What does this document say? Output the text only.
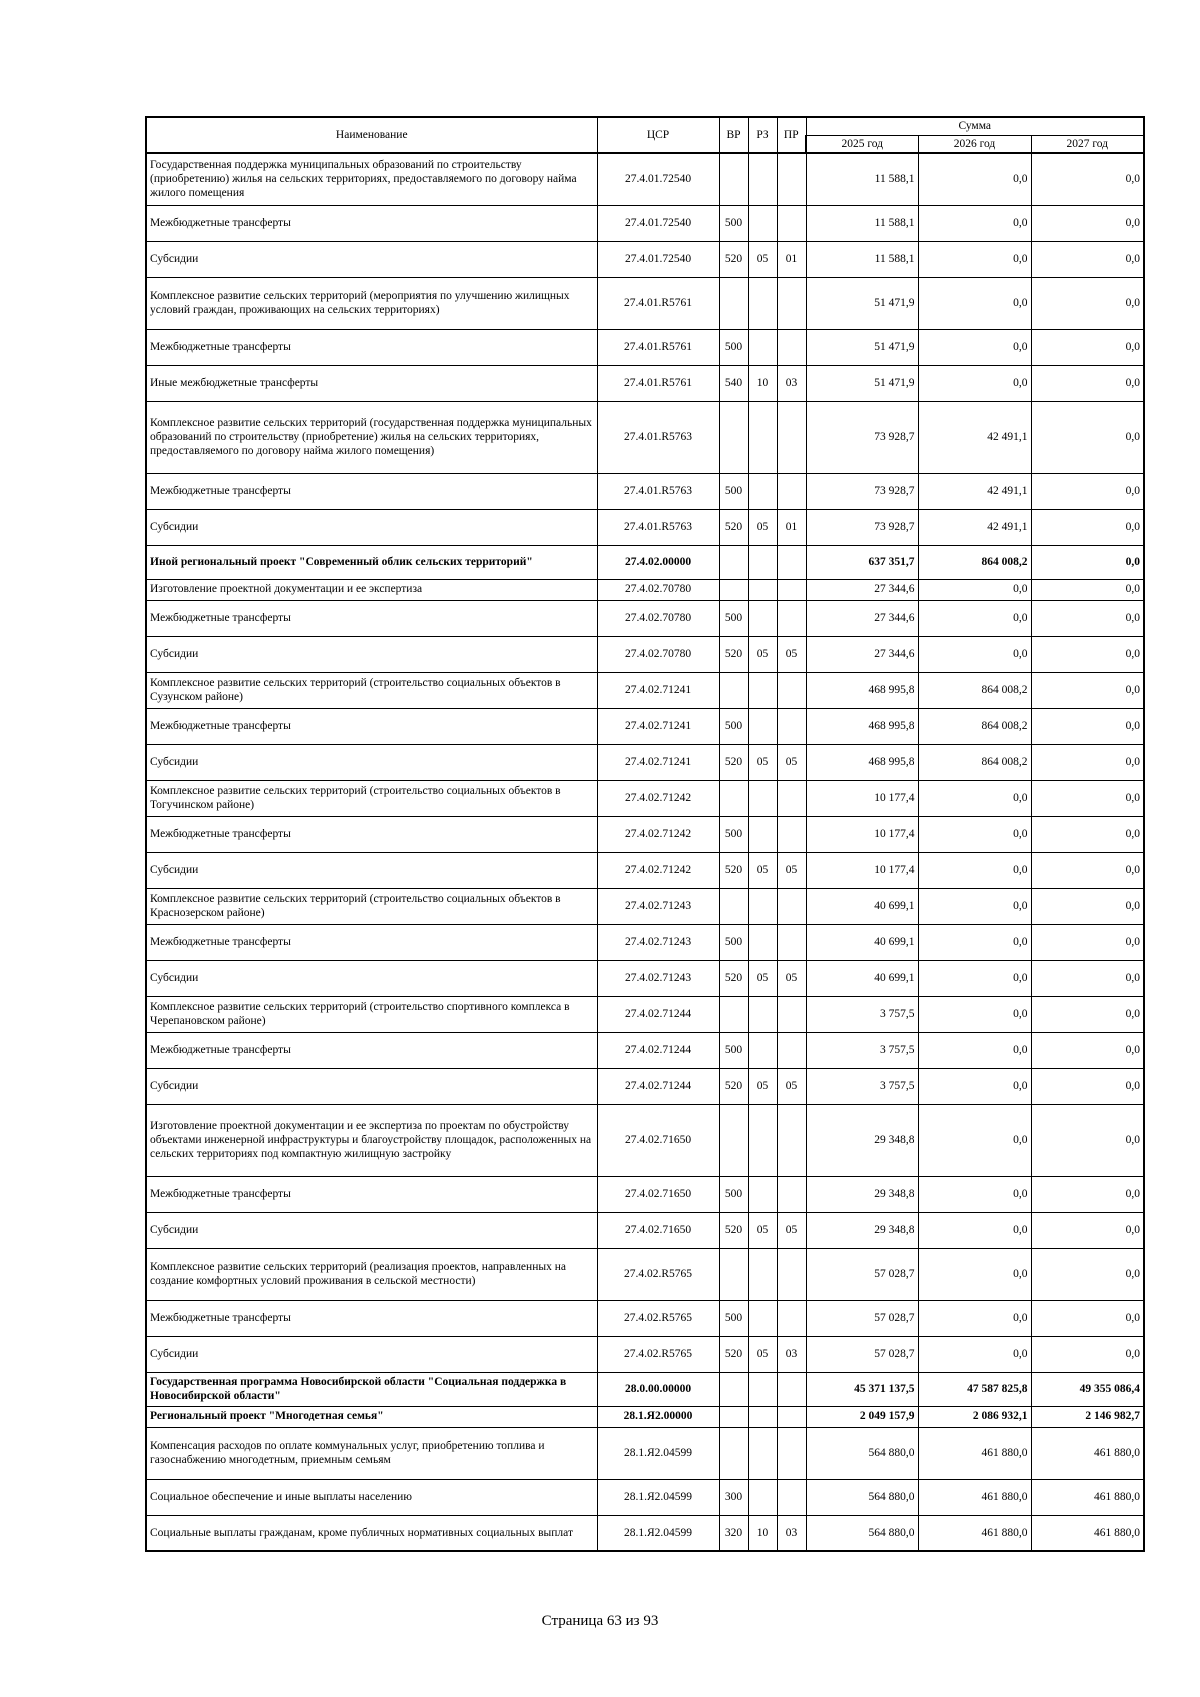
Наименование	ЦСР	ВР	РЗ	ПР	Сумма		
					2025 год	2026 год	2027 год
Государственная поддержка муниципальных образований по строительству (приобретению) жилья на сельских территориях, предоставляемого по договору найма жилого помещения	27.4.01.72540				11 588,1	0,0	0,0
Межбюджетные трансферты	27.4.01.72540	500			11 588,1	0,0	0,0
Субсидии	27.4.01.72540	520	05	01	11 588,1	0,0	0,0
Комплексное развитие сельских территорий (мероприятия по улучшению жилищных условий граждан, проживающих на сельских территориях)	27.4.01.R5761				51 471,9	0,0	0,0
Межбюджетные трансферты	27.4.01.R5761	500			51 471,9	0,0	0,0
Иные межбюджетные трансферты	27.4.01.R5761	540	10	03	51 471,9	0,0	0,0
Комплексное развитие сельских территорий (государственная поддержка муниципальных образований по строительству (приобретение) жилья на сельских территориях, предоставляемого по договору найма жилого помещения)	27.4.01.R5763				73 928,7	42 491,1	0,0
Межбюджетные трансферты	27.4.01.R5763	500			73 928,7	42 491,1	0,0
Субсидии	27.4.01.R5763	520	05	01	73 928,7	42 491,1	0,0
Иной региональный проект "Современный облик сельских территорий"	27.4.02.00000				637 351,7	864 008,2	0,0
Изготовление проектной документации и ее экспертиза	27.4.02.70780				27 344,6	0,0	0,0
Межбюджетные трансферты	27.4.02.70780	500			27 344,6	0,0	0,0
Субсидии	27.4.02.70780	520	05	05	27 344,6	0,0	0,0
Комплексное развитие сельских территорий (строительство социальных объектов в Сузунском районе)	27.4.02.71241				468 995,8	864 008,2	0,0
Межбюджетные трансферты	27.4.02.71241	500			468 995,8	864 008,2	0,0
Субсидии	27.4.02.71241	520	05	05	468 995,8	864 008,2	0,0
Комплексное развитие сельских территорий (строительство социальных объектов в Тогучинском районе)	27.4.02.71242				10 177,4	0,0	0,0
Межбюджетные трансферты	27.4.02.71242	500			10 177,4	0,0	0,0
Субсидии	27.4.02.71242	520	05	05	10 177,4	0,0	0,0
Комплексное развитие сельских территорий (строительство социальных объектов в Краснозерском районе)	27.4.02.71243				40 699,1	0,0	0,0
Межбюджетные трансферты	27.4.02.71243	500			40 699,1	0,0	0,0
Субсидии	27.4.02.71243	520	05	05	40 699,1	0,0	0,0
Комплексное развитие сельских территорий (строительство спортивного комплекса в Черепановском районе)	27.4.02.71244				3 757,5	0,0	0,0
Межбюджетные трансферты	27.4.02.71244	500			3 757,5	0,0	0,0
Субсидии	27.4.02.71244	520	05	05	3 757,5	0,0	0,0
Изготовление проектной документации и ее экспертиза по проектам по обустройству объектами инженерной инфраструктуры и благоустройству площадок, расположенных на сельских территориях под компактную жилищную застройку	27.4.02.71650				29 348,8	0,0	0,0
Межбюджетные трансферты	27.4.02.71650	500			29 348,8	0,0	0,0
Субсидии	27.4.02.71650	520	05	05	29 348,8	0,0	0,0
Комплексное развитие сельских территорий (реализация проектов, направленных на создание комфортных условий проживания в сельской местности)	27.4.02.R5765				57 028,7	0,0	0,0
Межбюджетные трансферты	27.4.02.R5765	500			57 028,7	0,0	0,0
Субсидии	27.4.02.R5765	520	05	03	57 028,7	0,0	0,0
Государственная программа Новосибирской области "Социальная поддержка в Новосибирской области"	28.0.00.00000				45 371 137,5	47 587 825,8	49 355 086,4
Региональный проект "Многодетная семья"	28.1.Я2.00000				2 049 157,9	2 086 932,1	2 146 982,7
Компенсация расходов по оплате коммунальных услуг, приобретению топлива и газоснабжению многодетным, приемным семьям	28.1.Я2.04599				564 880,0	461 880,0	461 880,0
Социальное обеспечение и иные выплаты населению	28.1.Я2.04599	300			564 880,0	461 880,0	461 880,0
Социальные выплаты гражданам, кроме публичных нормативных социальных выплат	28.1.Я2.04599	320	10	03	564 880,0	461 880,0	461 880,0
Страница 63 из 93
